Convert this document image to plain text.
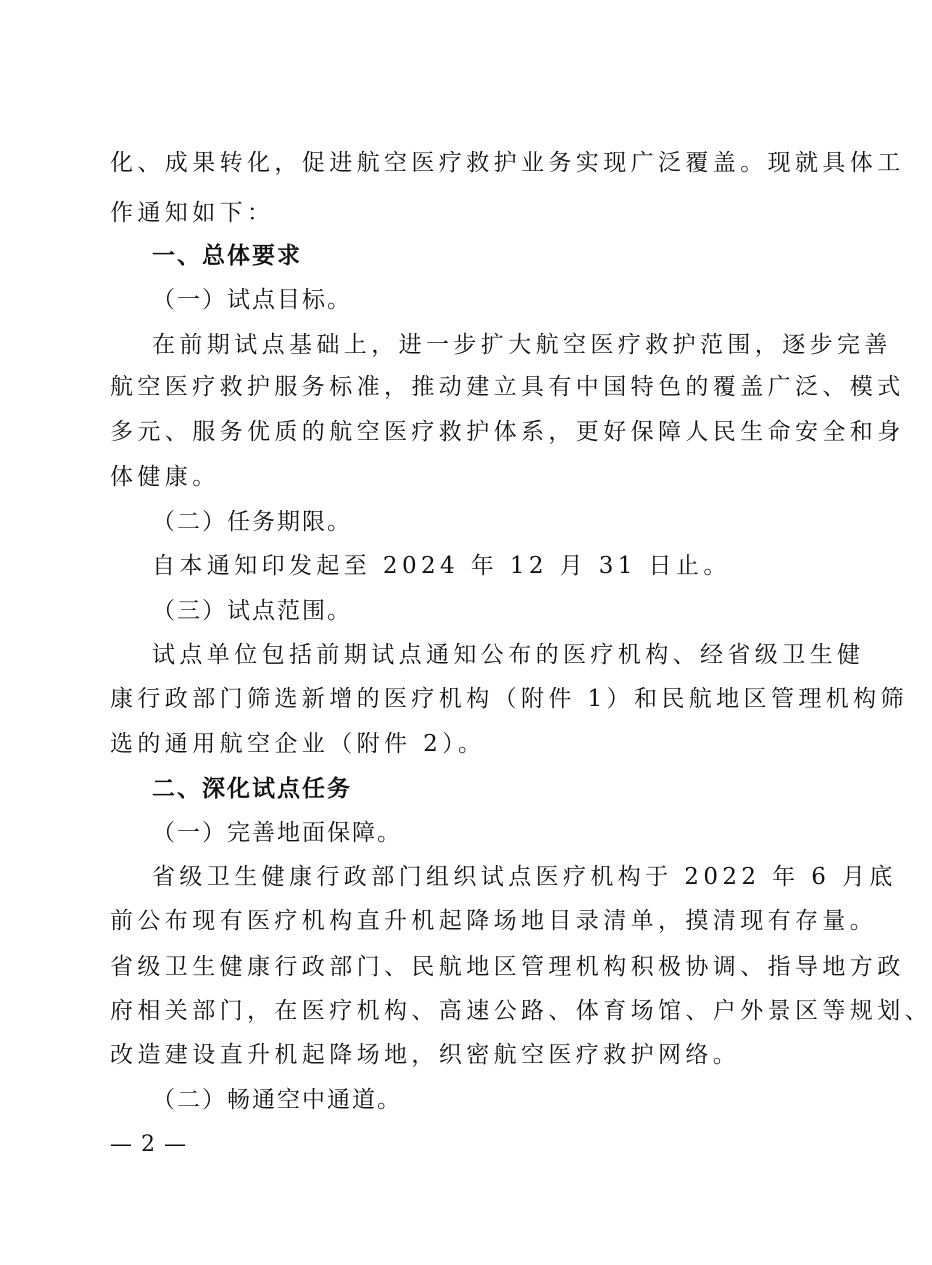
化、成果转化，促进航空医疗救护业务实现广泛覆盖。现就具体工
作通知如下：
一、总体要求
（一）试点目标。
在前期试点基础上，进一步扩大航空医疗救护范围，逐步完善
航空医疗救护服务标准，推动建立具有中国特色的覆盖广泛、模式
多元、服务优质的航空医疗救护体系，更好保障人民生命安全和身
体健康。
（二）任务期限。
自本通知印发起至 2024 年 12 月 31 日止。
（三）试点范围。
试点单位包括前期试点通知公布的医疗机构、经省级卫生健
康行政部门筛选新增的医疗机构（附件 1）和民航地区管理机构筛
选的通用航空企业（附件 2）。
二、深化试点任务
（一）完善地面保障。
省级卫生健康行政部门组织试点医疗机构于 2022 年 6 月底
前公布现有医疗机构直升机起降场地目录清单，摸清现有存量。
省级卫生健康行政部门、民航地区管理机构积极协调、指导地方政
府相关部门，在医疗机构、高速公路、体育场馆、户外景区等规划、
改造建设直升机起降场地，织密航空医疗救护网络。
（二）畅通空中通道。
— 2 —
